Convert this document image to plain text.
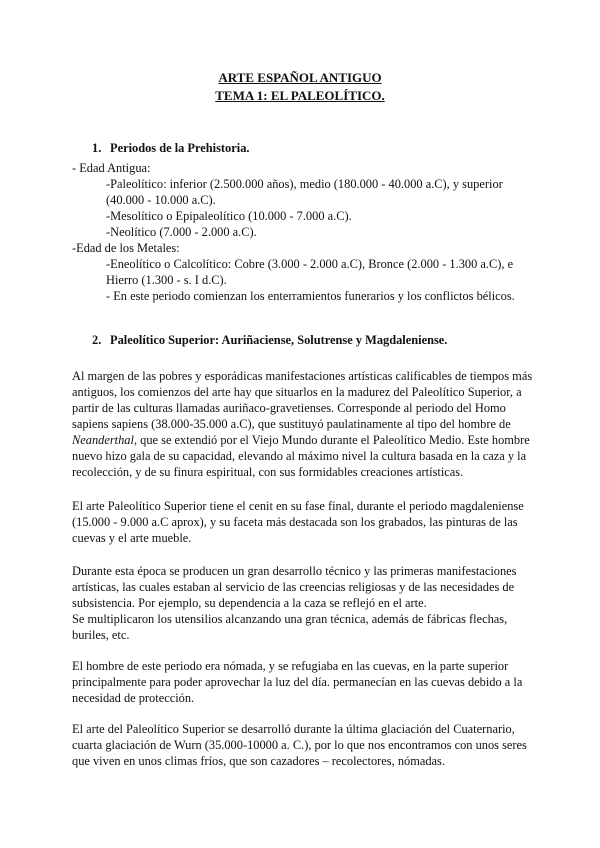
ARTE ESPAÑOL ANTIGUO
TEMA 1: EL PALEOLÍTICO.
1. Periodos de la Prehistoria.
- Edad Antigua:
-Paleolítico: inferior (2.500.000 años), medio (180.000 - 40.000 a.C), y superior
(40.000 - 10.000 a.C).
-Mesolítico o Epipaleolítico (10.000 - 7.000 a.C).
-Neolítico (7.000 - 2.000 a.C).
-Edad de los Metales:
-Eneolítico o Calcolítico: Cobre (3.000 - 2.000 a.C), Bronce (2.000 - 1.300 a.C), e
Hierro (1.300 - s. I d.C).
- En este periodo comienzan los enterramientos funerarios y los conflictos bélicos.
2. Paleolítico Superior: Auriñaciense, Solutrense y Magdaleniense.
Al margen de las pobres y esporádicas manifestaciones artísticas calificables de tiempos más
antiguos, los comienzos del arte hay que situarlos en la madurez del Paleolítico Superior, a
partir de las culturas llamadas auriñaco-gravetienses. Corresponde al periodo del Homo
sapiens sapiens (38.000-35.000 a.C), que sustituyó paulatinamente al tipo del hombre de
Neanderthal, que se extendió por el Viejo Mundo durante el Paleolítico Medio. Este hombre
nuevo hizo gala de su capacidad, elevando al máximo nivel la cultura basada en la caza y la
recolección, y de su finura espiritual, con sus formidables creaciones artísticas.
El arte Paleolítico Superior tiene el cenit en su fase final, durante el periodo magdaleniense
(15.000 - 9.000 a.C aprox), y su faceta más destacada son los grabados, las pinturas de las
cuevas y el arte mueble.
Durante esta época se producen un gran desarrollo técnico y las primeras manifestaciones
artísticas, las cuales estaban al servicio de las creencias religiosas y de las necesidades de
subsistencia. Por ejemplo, su dependencia a la caza se reflejó en el arte.
Se multiplicaron los utensilios alcanzando una gran técnica, además de fábricas flechas,
buriles, etc.
El hombre de este periodo era nómada, y se refugiaba en las cuevas, en la parte superior
principalmente para poder aprovechar la luz del día. permanecían en las cuevas debido a la
necesidad de protección.
El arte del Paleolítico Superior se desarrolló durante la última glaciación del Cuaternario,
cuarta glaciación de Wurn (35.000-10000 a. C.), por lo que nos encontramos con unos seres
que viven en unos climas fríos, que son cazadores – recolectores, nómadas.
